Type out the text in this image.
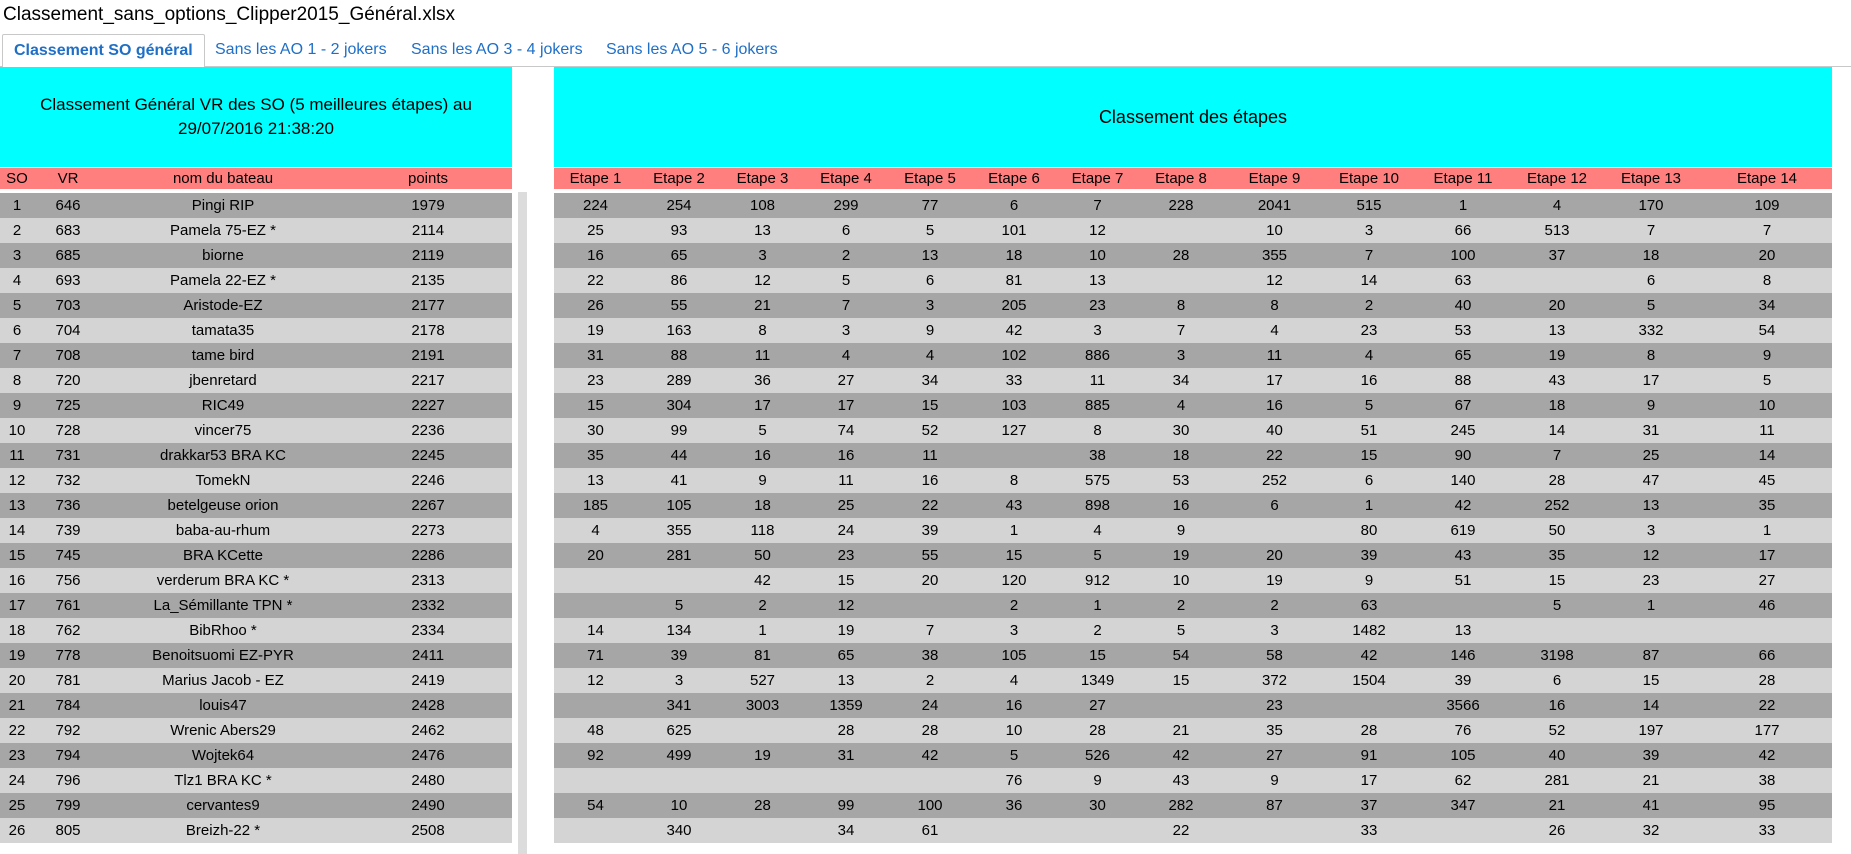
Classement_sans_options_Clipper2015_Général.xlsx
Classement SO général	Sans les AO 1 - 2 jokers Sans les AO 3 - 4 jokers Sans les AO 5 - 6 jokers
Classement Général VR des SO (5 meilleures étapes) au 29/07/2016 21:38:20
SO	VR	nom du bateau	points

1	646	Pingi RIP	1979
2	683	Pamela 75-EZ *	2114
3	685	biorne	2119
4	693	Pamela 22-EZ *	2135
5	703	Aristode-EZ	2177
6	704	tamata35	2178
7	708	tame bird	2191
8	720	jbenretard	2217
9	725	RIC49	2227
10	728	vincer75	2236
11	731	drakkar53 BRA KC	2245
12	732	TomekN	2246
13	736	betelgeuse orion	2267
14	739	baba-au-rhum	2273
15	745	BRA KCette	2286
16	756	verderum BRA KC *	2313
17	761	La_Sémillante TPN *	2332
18	762	BibRhoo *	2334
19	778	Benoitsuomi EZ-PYR	2411
20	781	Marius Jacob - EZ	2419
21	784	louis47	2428
22	792	Wrenic Abers29	2462
23	794	Wojtek64	2476
24	796	Tlz1 BRA KC *	2480
25	799	cervantes9	2490
26	805	Breizh-22 *	2508
Classement des étapes
Etape 1	Etape 2	Etape 3	Etape 4	Etape 5	Etape 6	Etape 7	Etape 8	Etape 9	Etape 10	Etape 11	Etape 12	Etape 13	Etape 14

224	254	108	299	77	6	7	228	2041	515	1	4	170	109
25	93	13	6	5	101	12		10	3	66	513	7	7
16	65	3	2	13	18	10	28	355	7	100	37	18	20
22	86	12	5	6	81	13		12	14	63		6	8
26	55	21	7	3	205	23	8	8	2	40	20	5	34
19	163	8	3	9	42	3	7	4	23	53	13	332	54
31	88	11	4	4	102	886	3	11	4	65	19	8	9
23	289	36	27	34	33	11	34	17	16	88	43	17	5
15	304	17	17	15	103	885	4	16	5	67	18	9	10
30	99	5	74	52	127	8	30	40	51	245	14	31	11
35	44	16	16	11		38	18	22	15	90	7	25	14
13	41	9	11	16	8	575	53	252	6	140	28	47	45
185	105	18	25	22	43	898	16	6	1	42	252	13	35
4	355	118	24	39	1	4	9		80	619	50	3	1
20	281	50	23	55	15	5	19	20	39	43	35	12	17
		42	15	20	120	912	10	19	9	51	15	23	27
	5	2	12		2	1	2	2	63		5	1	46
14	134	1	19	7	3	2	5	3	1482	13			
71	39	81	65	38	105	15	54	58	42	146	3198	87	66
12	3	527	13	2	4	1349	15	372	1504	39	6	15	28
	341	3003	1359	24	16	27		23		3566	16	14	22
48	625		28	28	10	28	21	35	28	76	52	197	177
92	499	19	31	42	5	526	42	27	91	105	40	39	42
					76	9	43	9	17	62	281	21	38
54	10	28	99	100	36	30	282	87	37	347	21	41	95
	340		34	61			22		33		26	32	33
